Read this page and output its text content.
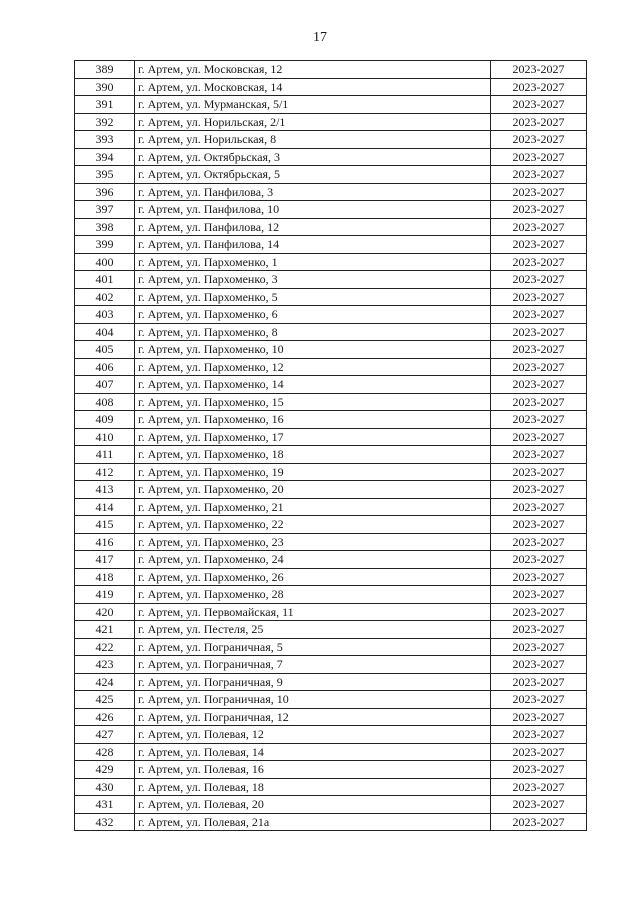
17
389	г. Артем, ул. Московская, 12	2023-2027
390	г. Артем, ул. Московская, 14	2023-2027
391	г. Артем, ул. Мурманская, 5/1	2023-2027
392	г. Артем, ул. Норильская, 2/1	2023-2027
393	г. Артем, ул. Норильская, 8	2023-2027
394	г. Артем, ул. Октябрьская, 3	2023-2027
395	г. Артем, ул. Октябрьская, 5	2023-2027
396	г. Артем, ул. Панфилова, 3	2023-2027
397	г. Артем, ул. Панфилова, 10	2023-2027
398	г. Артем, ул. Панфилова, 12	2023-2027
399	г. Артем, ул. Панфилова, 14	2023-2027
400	г. Артем, ул. Пархоменко, 1	2023-2027
401	г. Артем, ул. Пархоменко, 3	2023-2027
402	г. Артем, ул. Пархоменко, 5	2023-2027
403	г. Артем, ул. Пархоменко, 6	2023-2027
404	г. Артем, ул. Пархоменко, 8	2023-2027
405	г. Артем, ул. Пархоменко, 10	2023-2027
406	г. Артем, ул. Пархоменко, 12	2023-2027
407	г. Артем, ул. Пархоменко, 14	2023-2027
408	г. Артем, ул. Пархоменко, 15	2023-2027
409	г. Артем, ул. Пархоменко, 16	2023-2027
410	г. Артем, ул. Пархоменко, 17	2023-2027
411	г. Артем, ул. Пархоменко, 18	2023-2027
412	г. Артем, ул. Пархоменко, 19	2023-2027
413	г. Артем, ул. Пархоменко, 20	2023-2027
414	г. Артем, ул. Пархоменко, 21	2023-2027
415	г. Артем, ул. Пархоменко, 22	2023-2027
416	г. Артем, ул. Пархоменко, 23	2023-2027
417	г. Артем, ул. Пархоменко, 24	2023-2027
418	г. Артем, ул. Пархоменко, 26	2023-2027
419	г. Артем, ул. Пархоменко, 28	2023-2027
420	г. Артем, ул. Первомайская, 11	2023-2027
421	г. Артем, ул. Пестеля, 25	2023-2027
422	г. Артем, ул. Пограничная, 5	2023-2027
423	г. Артем, ул. Пограничная, 7	2023-2027
424	г. Артем, ул. Пограничная, 9	2023-2027
425	г. Артем, ул. Пограничная, 10	2023-2027
426	г. Артем, ул. Пограничная, 12	2023-2027
427	г. Артем, ул. Полевая, 12	2023-2027
428	г. Артем, ул. Полевая, 14	2023-2027
429	г. Артем, ул. Полевая, 16	2023-2027
430	г. Артем, ул. Полевая, 18	2023-2027
431	г. Артем, ул. Полевая, 20	2023-2027
432	г. Артем, ул. Полевая, 21а	2023-2027
